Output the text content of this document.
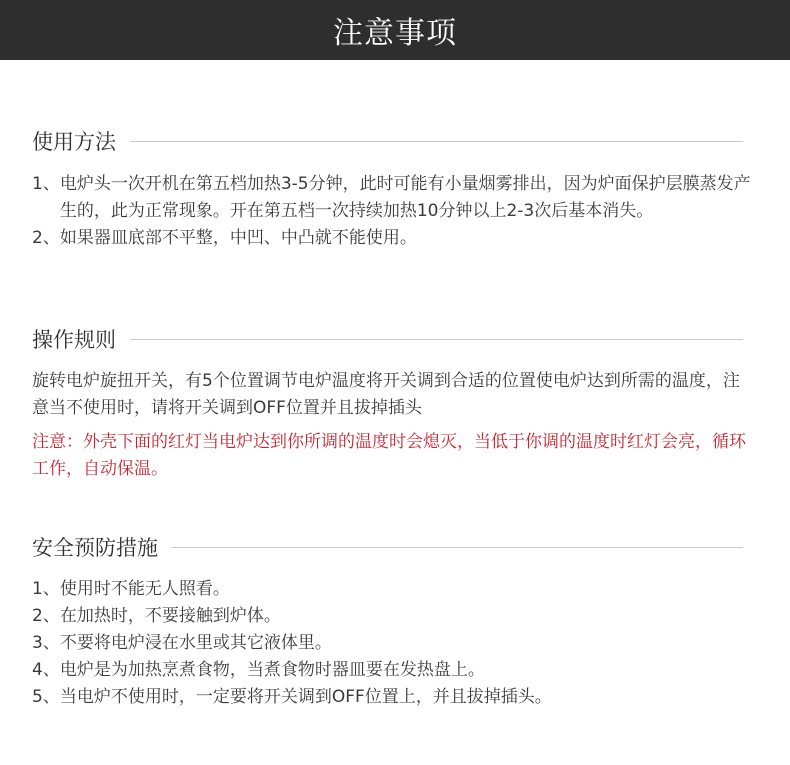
注意事项
使用方法
1、 电炉头一次开机在第五档加热3-5分钟，此时可能有小量烟雾排出，因为炉面保护层膜蒸发产生的，此为正常现象。开在第五档一次持续加热10分钟以上2-3次后基本消失。
2、 如果器皿底部不平整，中凹、中凸就不能使用。
操作规则

旋转电炉旋扭开关，有5个位置调节电炉温度将开关调到合适的位置使电炉达到所需的温度，注意当不使用时，请将开关调到OFF位置并且拔掉插头

注意：外壳下面的红灯当电炉达到你所调的温度时会熄灭，当低于你调的温度时红灯会亮，循环工作，自动保温。

安全预防措施
1、 使用时不能无人照看。
2、 在加热时，不要接触到炉体。
3、 不要将电炉浸在水里或其它液体里。
4、 电炉是为加热烹煮食物，当煮食物时器皿要在发热盘上。
5、 当电炉不使用时，一定要将开关调到OFF位置上，并且拔掉插头。
